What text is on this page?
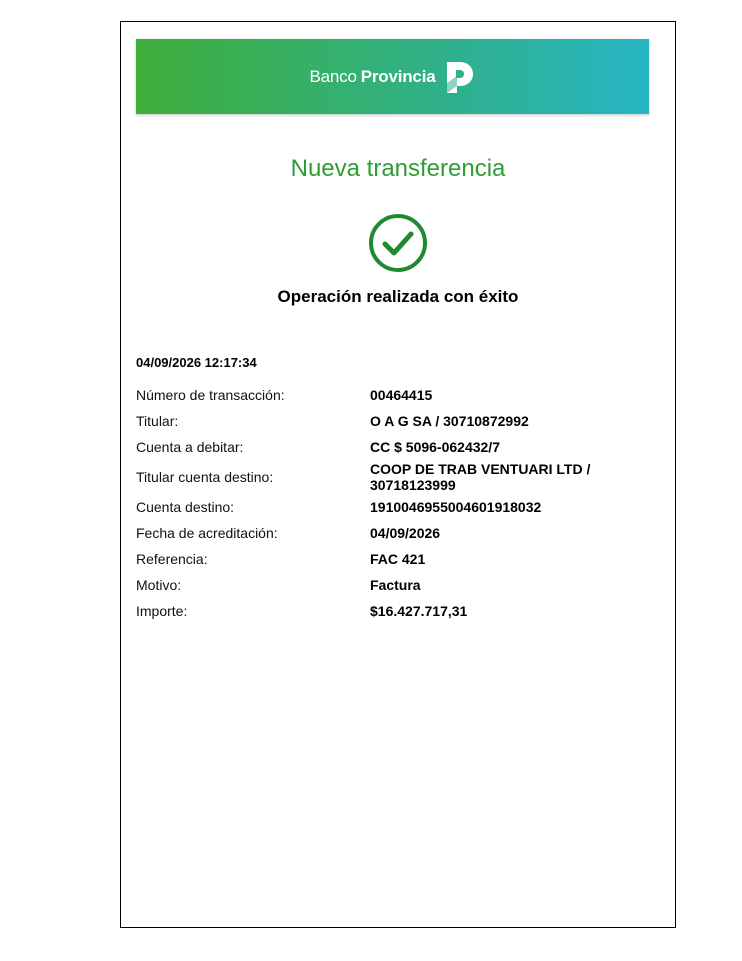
Banco Provincia
Nueva transferencia
Operación realizada con éxito
04/09/2026 12:17:34
Número de transacción:	00464415
Titular:	O A G SA / 30710872992
Cuenta a debitar:	CC $ 5096-062432/7
Titular cuenta destino:	COOP DE TRAB VENTUARI LTD / 30718123999
Cuenta destino:	1910046955004601918032
Fecha de acreditación:	04/09/2026
Referencia:	FAC 421
Motivo:	Factura
Importe:	$16.427.717,31
